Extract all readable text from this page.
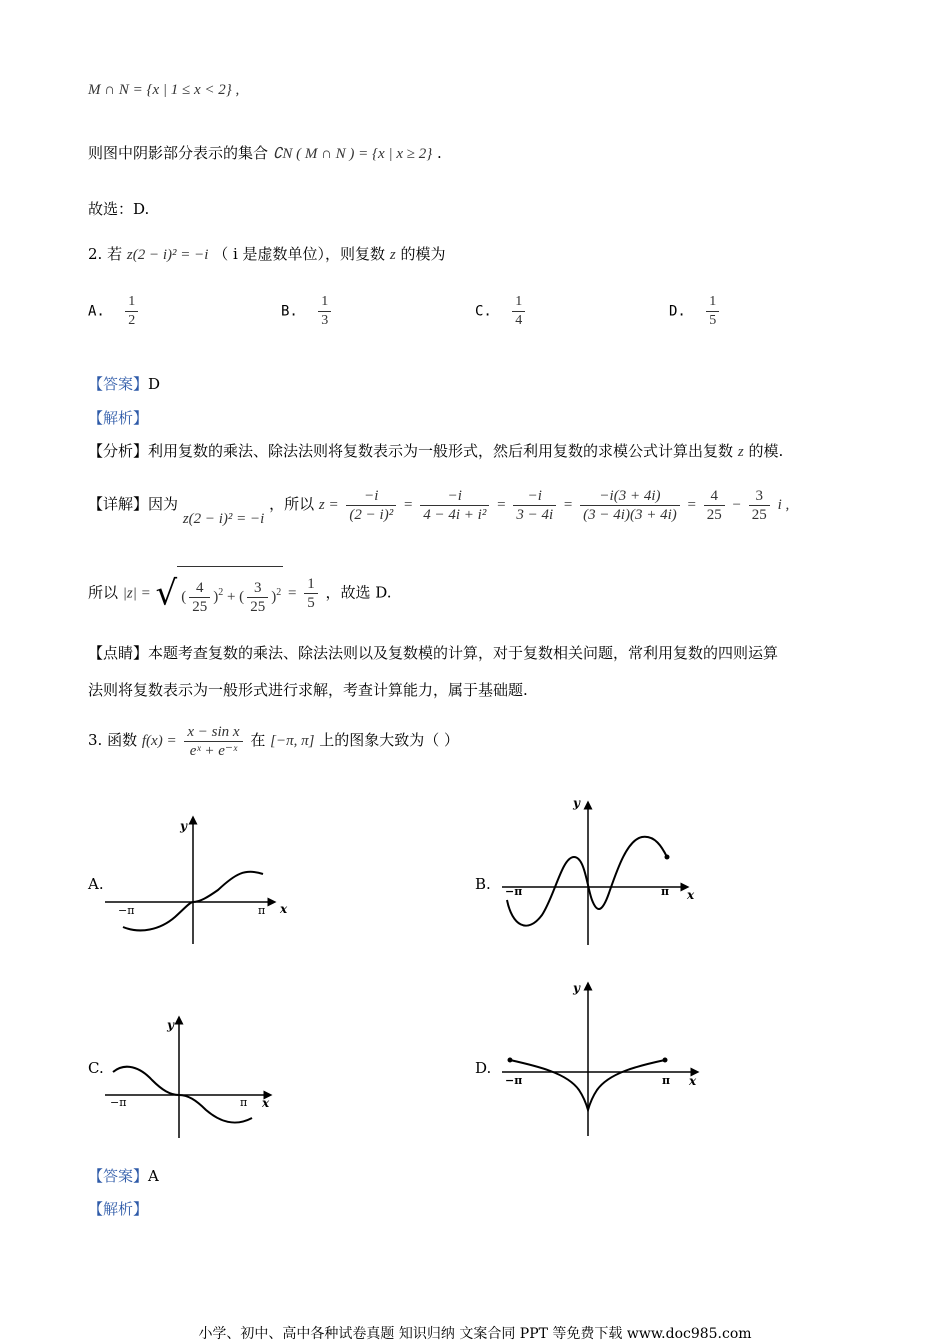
M ∩ N = {x | 1 ≤ x < 2} ,
则图中阴影部分表示的集合 ∁N ( M ∩ N ) = {x | x ≥ 2} .
故选：D.
2. 若 z(2 − i)² = −i （ i 是虚数单位），则复数 z 的模为
A. $\frac{1}{2}$	B. $\frac{1}{3}$	C. $\frac{1}{4}$	D. $\frac{1}{5}$
【答案】D
【解析】
【分析】利用复数的乘法、除法法则将复数表示为一般形式，然后利用复数的求模公式计算出复数 z 的模.
【详解】因为 z(2 − i)² = −i ，所以 $z = \frac{-i}{\text{(2 − i)²}} = \frac{-i}{\text{4 − 4i + i²}} = \frac{-i}{3 - 4i} = \frac{-i(3 + 4i)}{(3 - 4i)(3 + 4i)} = \frac{4}{25} - \frac{3}{25}$ i ,
所以 |z| = √ ( $\frac{4}{25} )^2$ + ( $\frac{3}{25} )^2 = \frac{1}{5}$ ，故选 D.
【点睛】本题考查复数的乘法、除法法则以及复数模的计算，对于复数相关问题，常利用复数的四则运算
法则将复数表示为一般形式进行求解，考查计算能力，属于基础题.
3. 函数 $f(x) = \frac{\text{x − sin x}}{\text{eˣ + e⁻ˣ}}$ 在 [−π, π] 上的图象大致为（ ）
A.	B.
C.	D.
y
x
−π	π
y
x
−π	π
y
x
−π	π
y
x
−π	π
【答案】A
【解析】
小学、初中、高中各种试卷真题 知识归纳 文案合同 PPT 等免费下载 www.doc985.com
